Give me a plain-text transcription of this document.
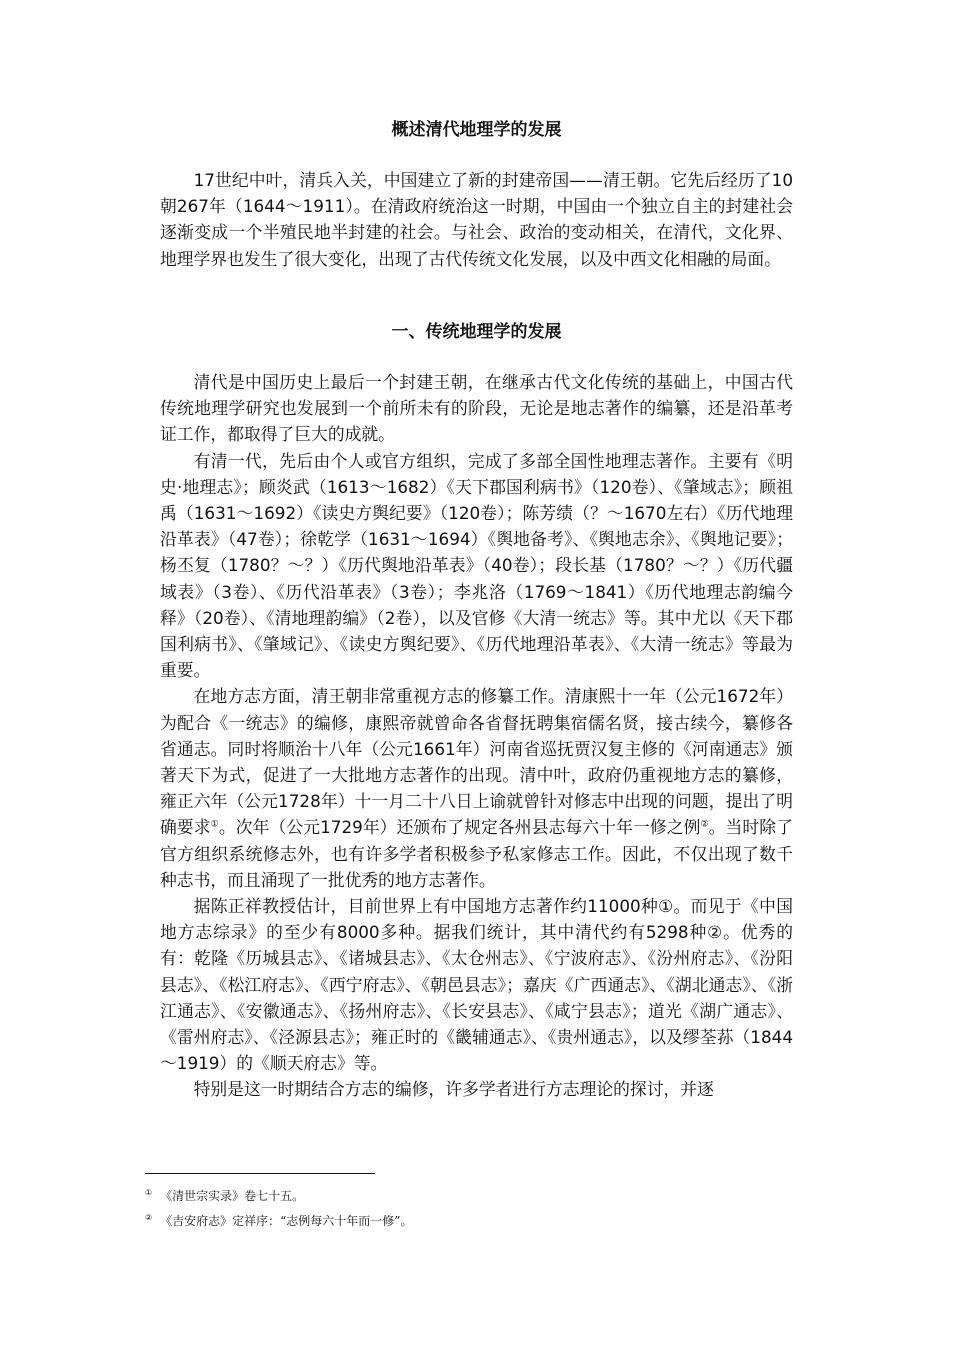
概述清代地理学的发展

17世纪中叶，清兵入关，中国建立了新的封建帝国——清王朝。它先后经历了10朝267年（1644～1911）。在清政府统治这一时期，中国由一个独立自主的封建社会逐渐变成一个半殖民地半封建的社会。与社会、政治的变动相关，在清代，文化界、地理学界也发生了很大变化，出现了古代传统文化发展，以及中西文化相融的局面。

一、传统地理学的发展

清代是中国历史上最后一个封建王朝，在继承古代文化传统的基础上，中国古代传统地理学研究也发展到一个前所未有的阶段，无论是地志著作的编纂，还是沿革考证工作，都取得了巨大的成就。

有清一代，先后由个人或官方组织，完成了多部全国性地理志著作。主要有《明史·地理志》；顾炎武（1613～1682）《天下郡国利病书》（120卷）、《肇域志》；顾祖禹（1631～1692）《读史方舆纪要》（120卷）；陈芳绩（？～1670左右）《历代地理沿革表》（47卷）；徐乾学（1631～1694）《舆地备考》、《舆地志余》、《舆地记要》；杨丕复（1780？～？）《历代舆地沿革表》（40卷）；段长基（1780？～？）《历代疆域表》（3卷）、《历代沿革表》（3卷）；李兆洛（1769～1841）《历代地理志韵编今释》（20卷）、《清地理韵编》（2卷），以及官修《大清一统志》等。其中尤以《天下郡国利病书》、《肇域记》、《读史方舆纪要》、《历代地理沿革表》、《大清一统志》等最为重要。

在地方志方面，清王朝非常重视方志的修纂工作。清康熙十一年（公元1672年）为配合《一统志》的编修，康熙帝就曾命各省督抚聘集宿儒名贤，接古续今，纂修各省通志。同时将顺治十八年（公元1661年）河南省巡抚贾汉复主修的《河南通志》颁著天下为式，促进了一大批地方志著作的出现。清中叶，政府仍重视地方志的纂修，雍正六年（公元1728年）十一月二十八日上谕就曾针对修志中出现的问题，提出了明确要求①。次年（公元1729年）还颁布了规定各州县志每六十年一修之例②。当时除了官方组织系统修志外，也有许多学者积极参予私家修志工作。因此，不仅出现了数千种志书，而且涌现了一批优秀的地方志著作。

据陈正祥教授估计，目前世界上有中国地方志著作约11000种①。而见于《中国地方志综录》的至少有8000多种。据我们统计，其中清代约有5298种②。优秀的有：乾隆《历城县志》、《诸城县志》、《太仓州志》、《宁波府志》、《汾州府志》、《汾阳县志》、《松江府志》、《西宁府志》、《朝邑县志》；嘉庆《广西通志》、《湖北通志》、《浙江通志》、《安徽通志》、《扬州府志》、《长安县志》、《咸宁县志》；道光《湖广通志》、《雷州府志》、《泾源县志》；雍正时的《畿辅通志》、《贵州通志》，以及缪荃荪（1844～1919）的《顺天府志》等。

特别是这一时期结合方志的编修，许多学者进行方志理论的探讨，并逐

① 《清世宗实录》卷七十五。

② 《吉安府志》定祥序：“志例每六十年而一修”。
